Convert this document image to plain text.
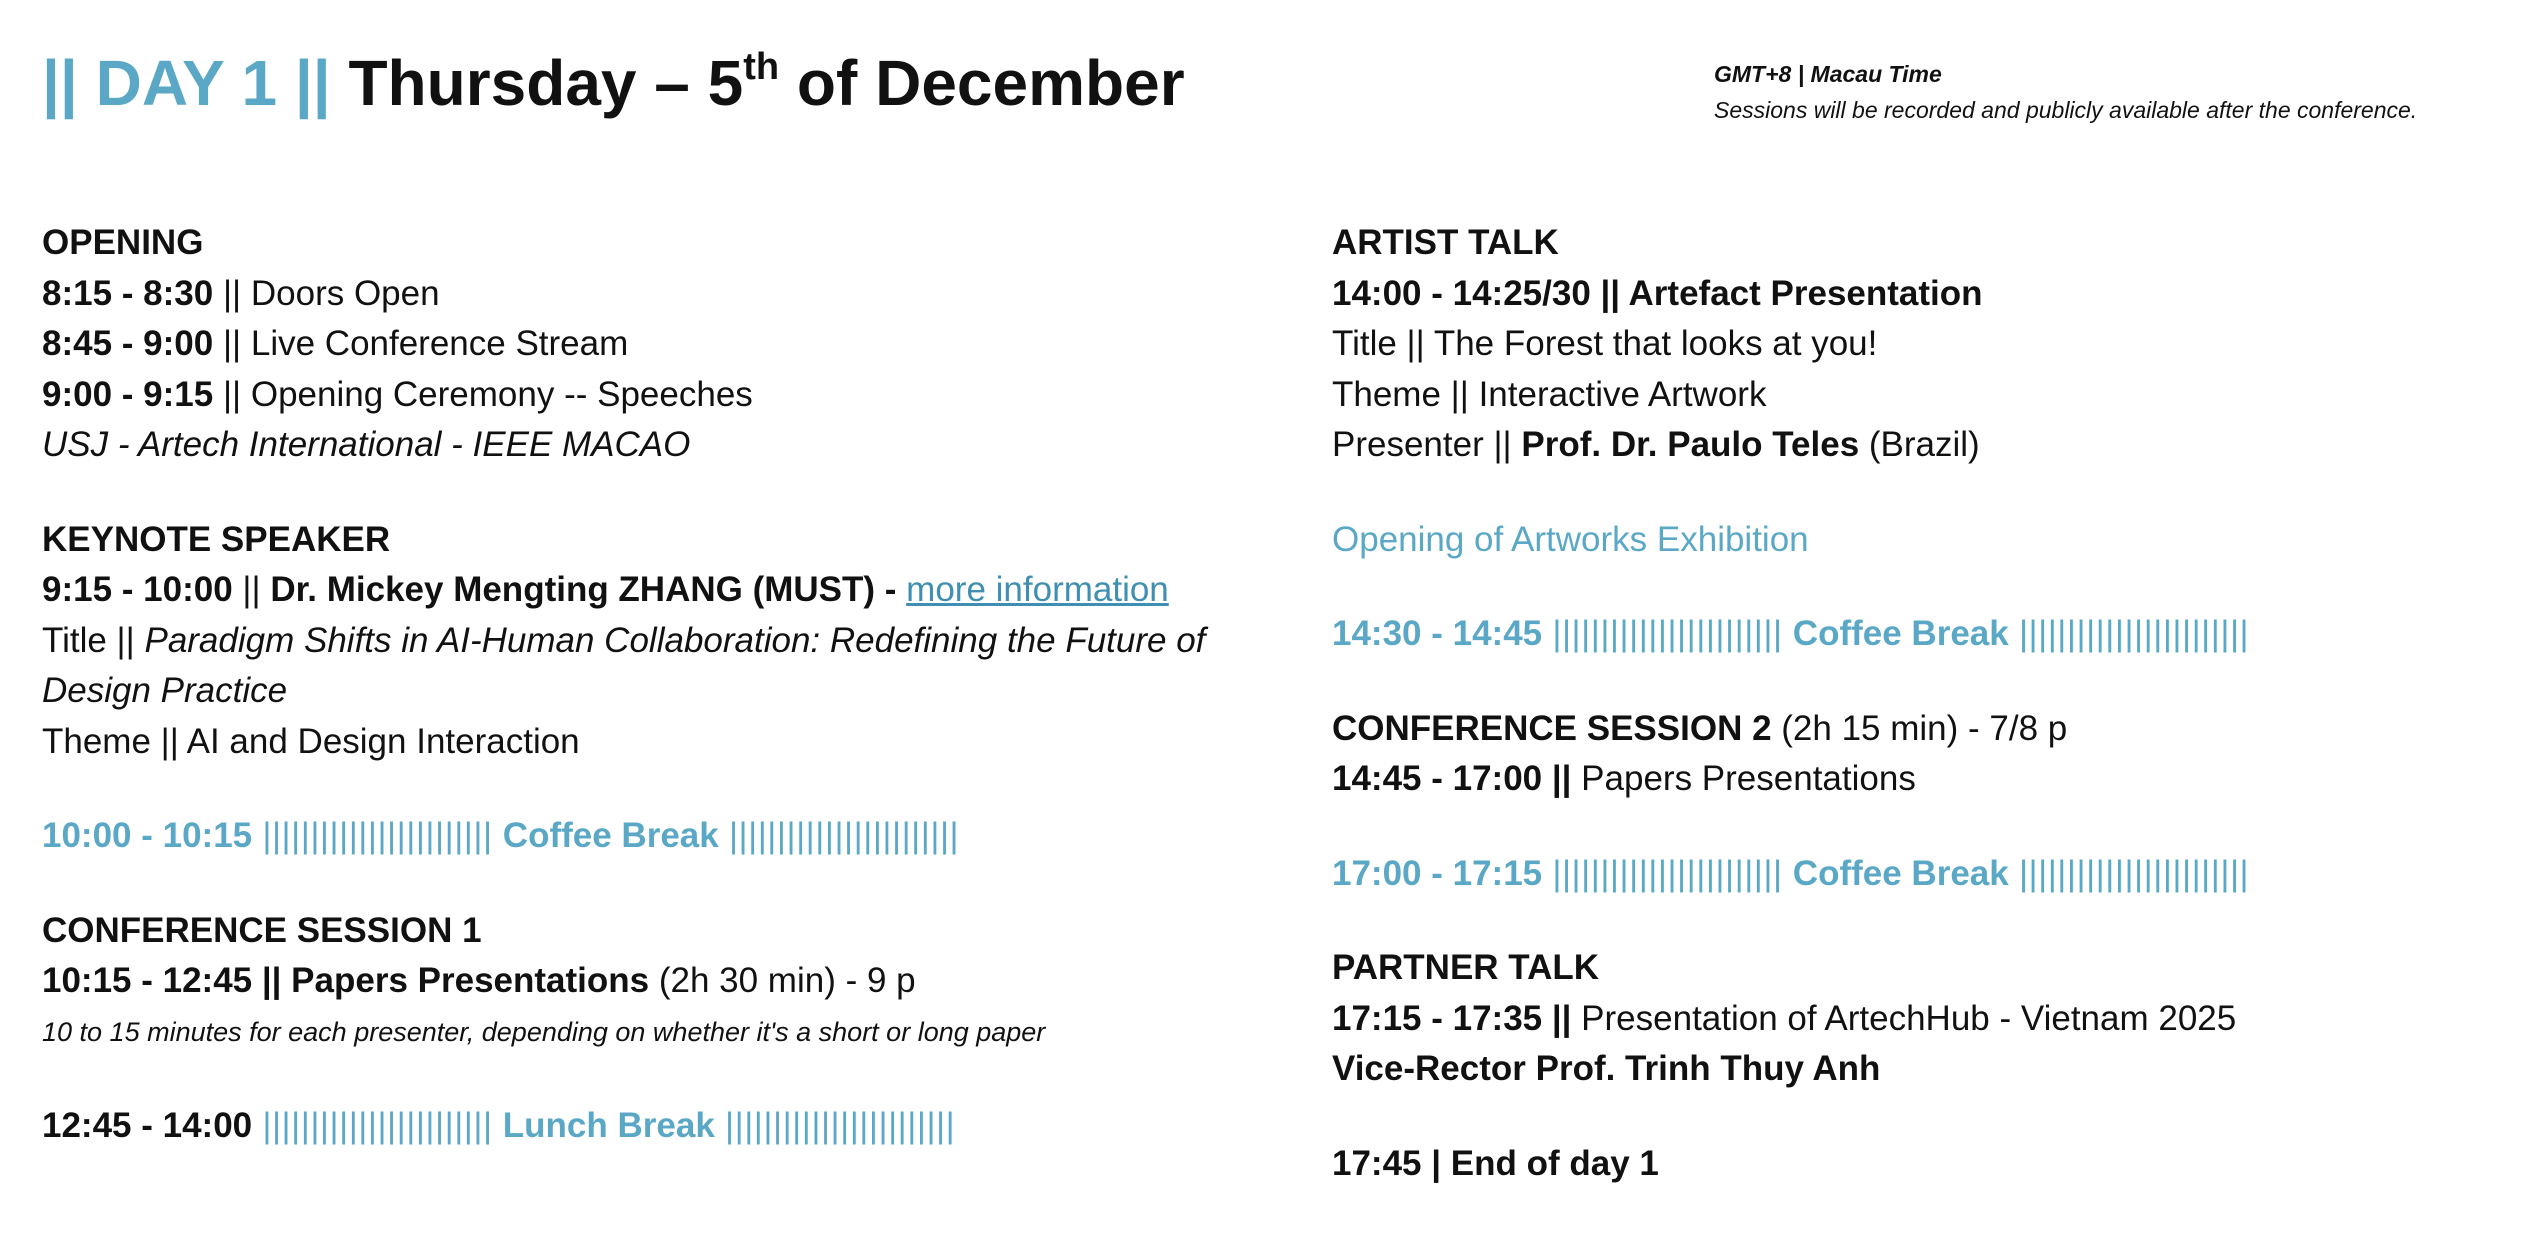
|| DAY 1 || Thursday – 5th of December	GMT+8 | Macau Time
Sessions will be recorded and publicly available after the conference.
OPENING
8:15 - 8:30 || Doors Open
8:45 - 9:00 || Live Conference Stream
9:00 - 9:15 || Opening Ceremony -- Speeches
USJ - Artech International - IEEE MACAO
KEYNOTE SPEAKER
9:15 - 10:00 || Dr. Mickey Mengting ZHANG (MUST) - more information
Title || Paradigm Shifts in AI-Human Collaboration: Redefining the Future of Design Practice
Theme || AI and Design Interaction
10:00 - 10:15 |||||||||||||||||||||||| Coffee Break ||||||||||||||||||||||||
CONFERENCE SESSION 1
10:15 - 12:45 || Papers Presentations (2h 30 min) - 9 p
10 to 15 minutes for each presenter, depending on whether it's a short or long paper
12:45 - 14:00 |||||||||||||||||||||||| Lunch Break ||||||||||||||||||||||||
ARTIST TALK
14:00 - 14:25/30 || Artefact Presentation
Title || The Forest that looks at you!
Theme || Interactive Artwork
Presenter || Prof. Dr. Paulo Teles (Brazil)
Opening of Artworks Exhibition
14:30 - 14:45 |||||||||||||||||||||||| Coffee Break ||||||||||||||||||||||||
CONFERENCE SESSION 2 (2h 15 min) - 7/8 p
14:45 - 17:00 || Papers Presentations
17:00 - 17:15 |||||||||||||||||||||||| Coffee Break ||||||||||||||||||||||||
PARTNER TALK
17:15 - 17:35 || Presentation of ArtechHub - Vietnam 2025
Vice-Rector Prof. Trinh Thuy Anh
17:45 | End of day 1
